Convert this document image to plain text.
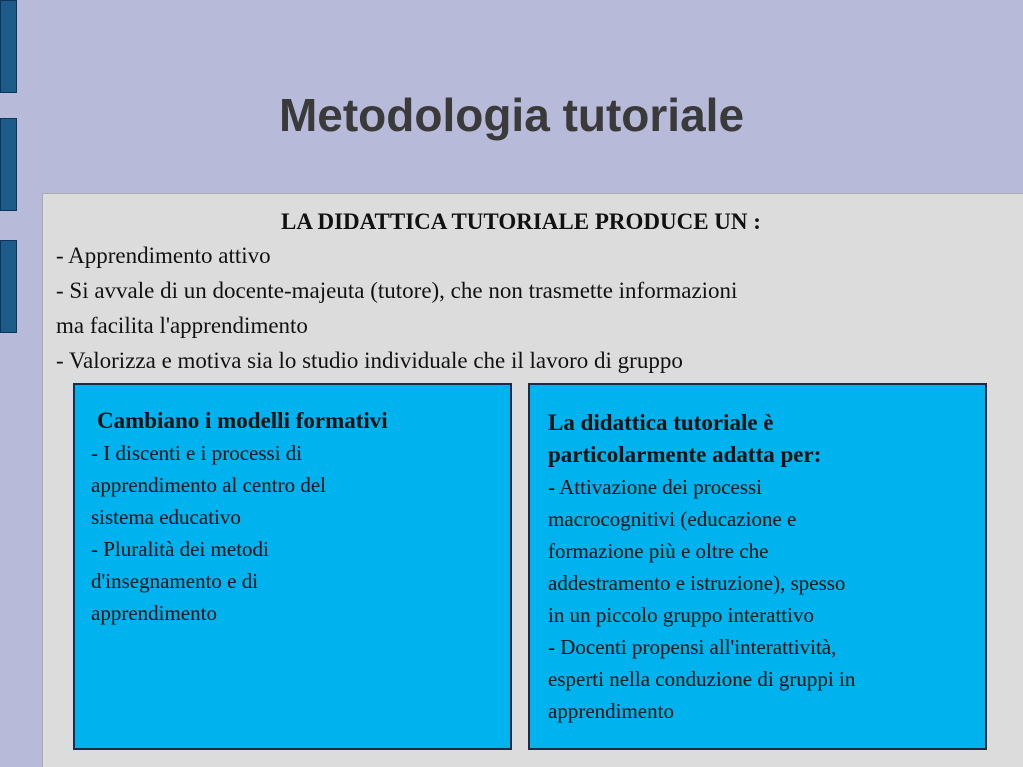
Metodologia tutoriale
LA DIDATTICA TUTORIALE PRODUCE UN :
- Apprendimento attivo
- Si avvale di un docente-majeuta (tutore), che non trasmette informazioni
ma facilita l'apprendimento
- Valorizza e motiva sia lo studio individuale che il lavoro di gruppo
Cambiano i modelli formativi
- I discenti e i processi di
apprendimento al centro del
sistema educativo
- Pluralità dei metodi
d'insegnamento e di
apprendimento
La didattica tutoriale è
particolarmente adatta per:
- Attivazione dei processi
macrocognitivi (educazione e
formazione più e oltre che
addestramento e istruzione), spesso
in un piccolo gruppo interattivo
- Docenti propensi all'interattività,
esperti nella conduzione di gruppi in
apprendimento
